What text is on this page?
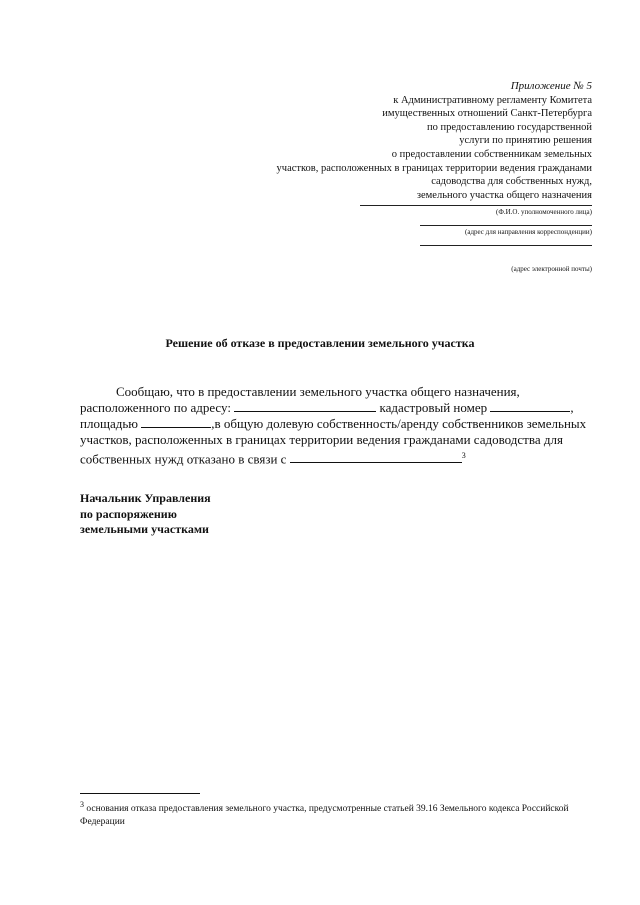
Приложение № 5
к Административному регламенту Комитета
имущественных отношений Санкт-Петербурга
по предоставлению государственной
услуги по принятию решения
о предоставлении собственникам земельных
участков, расположенных в границах территории ведения гражданами
садоводства для собственных нужд,
земельного участка общего назначения
(Ф.И.О. уполномоченного лица)
(адрес для направления корреспонденции)

(адрес электронной почты)
Решение об отказе в предоставлении земельного участка
Сообщаю, что в предоставлении земельного участка общего назначения,
расположенного по адресу:	кадастровый номер	,
площадью	,в общую долевую собственность/аренду собственников земельных
участков, расположенных в границах территории ведения гражданами садоводства для
собственных нужд отказано в связи с	$^3$
Начальник Управления
по распоряжению
земельными участками
$^3$ основания отказа предоставления земельного участка, предусмотренные статьей 39.16 Земельного кодекса Российской Федерации
